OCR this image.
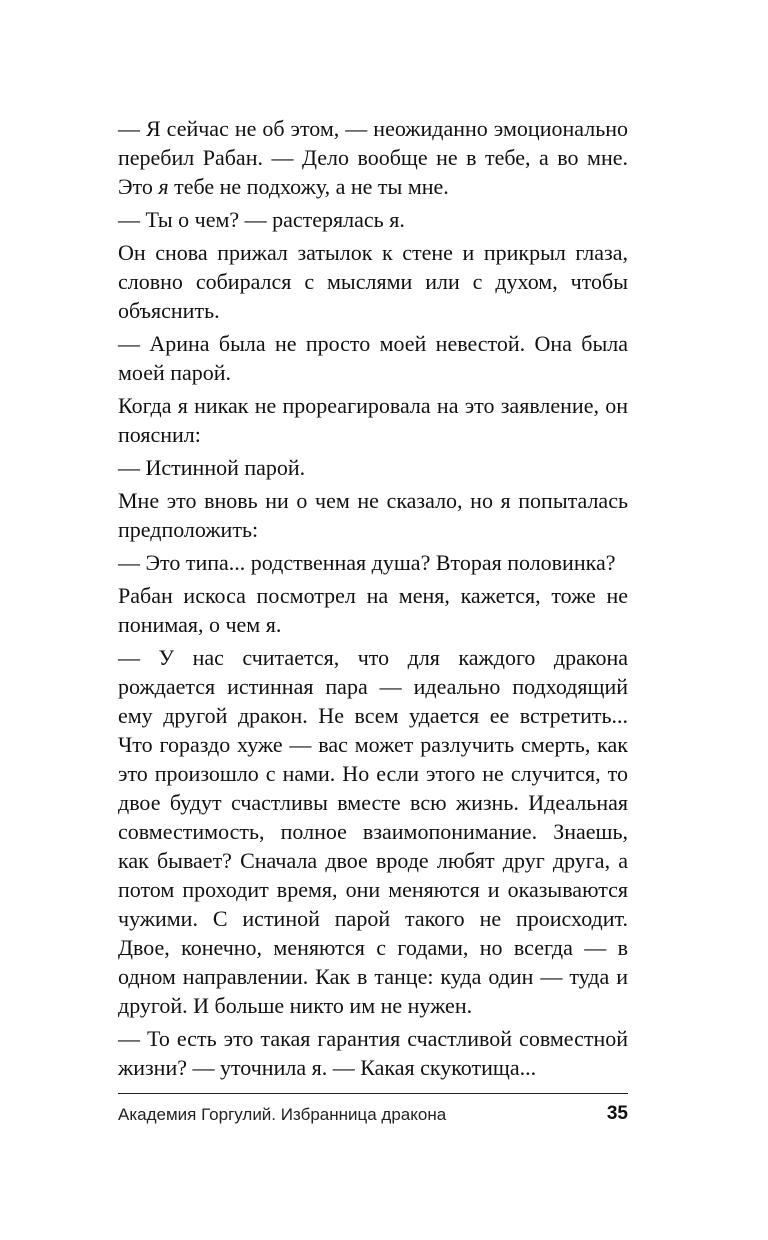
— Я сейчас не об этом, — неожиданно эмоционально перебил Рабан. — Дело вообще не в тебе, а во мне. Это я тебе не подхожу, а не ты мне.

— Ты о чем? — растерялась я.

Он снова прижал затылок к стене и прикрыл глаза, словно собирался с мыслями или с духом, чтобы объяснить.

— Арина была не просто моей невестой. Она была моей парой.

Когда я никак не прореагировала на это заявление, он пояснил:

— Истинной парой.

Мне это вновь ни о чем не сказало, но я попыталась предположить:

— Это типа... родственная душа? Вторая половинка?

Рабан искоса посмотрел на меня, кажется, тоже не понимая, о чем я.

— У нас считается, что для каждого дракона рождается истинная пара — идеально подходящий ему другой дракон. Не всем удается ее встретить... Что гораздо хуже — вас может разлучить смерть, как это произошло с нами. Но если этого не случится, то двое будут счастливы вместе всю жизнь. Идеальная совместимость, полное взаимопонимание. Знаешь, как бывает? Сначала двое вроде любят друг друга, а потом проходит время, они меняются и оказываются чужими. С истиной парой такого не происходит. Двое, конечно, меняются с годами, но всегда — в одном направлении. Как в танце: куда один — туда и другой. И больше никто им не нужен.

— То есть это такая гарантия счастливой совместной жизни? — уточнила я. — Какая скукотища...

Академия Горгулий. Избранница дракона	35
